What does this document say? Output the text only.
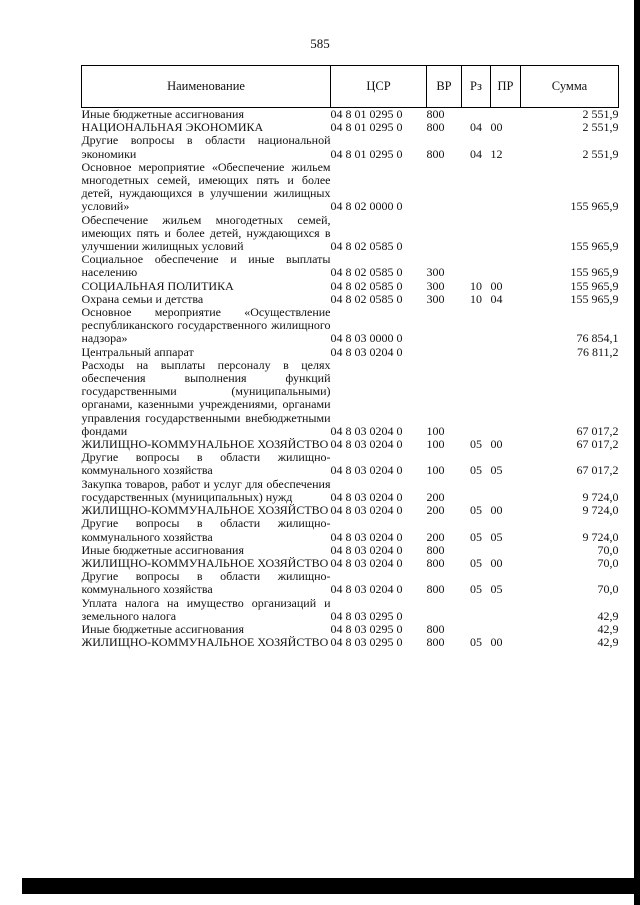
585
Наименование	ЦСР	ВР	Рз	ПР	Сумма
Иные бюджетные ассигнования	04 8 01 0295 0	800			2 551,9
НАЦИОНАЛЬНАЯ ЭКОНОМИКА	04 8 01 0295 0	800	04	00	2 551,9
Другие вопросы в области национальной экономики	04 8 01 0295 0	800	04	12	2 551,9
Основное мероприятие «Обеспечение жильем многодетных семей, имеющих пять и более детей, нуждающихся в улучшении жилищных условий»	04 8 02 0000 0				155 965,9
Обеспечение жильем многодетных семей, имеющих пять и более детей, нуждающихся в улучшении жилищных условий	04 8 02 0585 0				155 965,9
Социальное обеспечение и иные выплаты населению	04 8 02 0585 0	300			155 965,9
СОЦИАЛЬНАЯ ПОЛИТИКА	04 8 02 0585 0	300	10	00	155 965,9
Охрана семьи и детства	04 8 02 0585 0	300	10	04	155 965,9
Основное мероприятие «Осуществление республиканского государственного жилищного надзора»	04 8 03 0000 0				76 854,1
Центральный аппарат	04 8 03 0204 0				76 811,2
Расходы на выплаты персоналу в целях обеспечения выполнения функций государственными (муниципальными) органами, казенными учреждениями, органами управления государственными внебюджетными фондами	04 8 03 0204 0	100			67 017,2
ЖИЛИЩНО-КОММУНАЛЬНОЕ ХОЗЯЙСТВО	04 8 03 0204 0	100	05	00	67 017,2
Другие вопросы в области жилищно-коммунального хозяйства	04 8 03 0204 0	100	05	05	67 017,2
Закупка товаров, работ и услуг для обеспечения государственных (муниципальных) нужд	04 8 03 0204 0	200			9 724,0
ЖИЛИЩНО-КОММУНАЛЬНОЕ ХОЗЯЙСТВО	04 8 03 0204 0	200	05	00	9 724,0
Другие вопросы в области жилищно-коммунального хозяйства	04 8 03 0204 0	200	05	05	9 724,0
Иные бюджетные ассигнования	04 8 03 0204 0	800			70,0
ЖИЛИЩНО-КОММУНАЛЬНОЕ ХОЗЯЙСТВО	04 8 03 0204 0	800	05	00	70,0
Другие вопросы в области жилищно-коммунального хозяйства	04 8 03 0204 0	800	05	05	70,0
Уплата налога на имущество организаций и земельного налога	04 8 03 0295 0				42,9
Иные бюджетные ассигнования	04 8 03 0295 0	800			42,9
ЖИЛИЩНО-КОММУНАЛЬНОЕ ХОЗЯЙСТВО	04 8 03 0295 0	800	05	00	42,9
